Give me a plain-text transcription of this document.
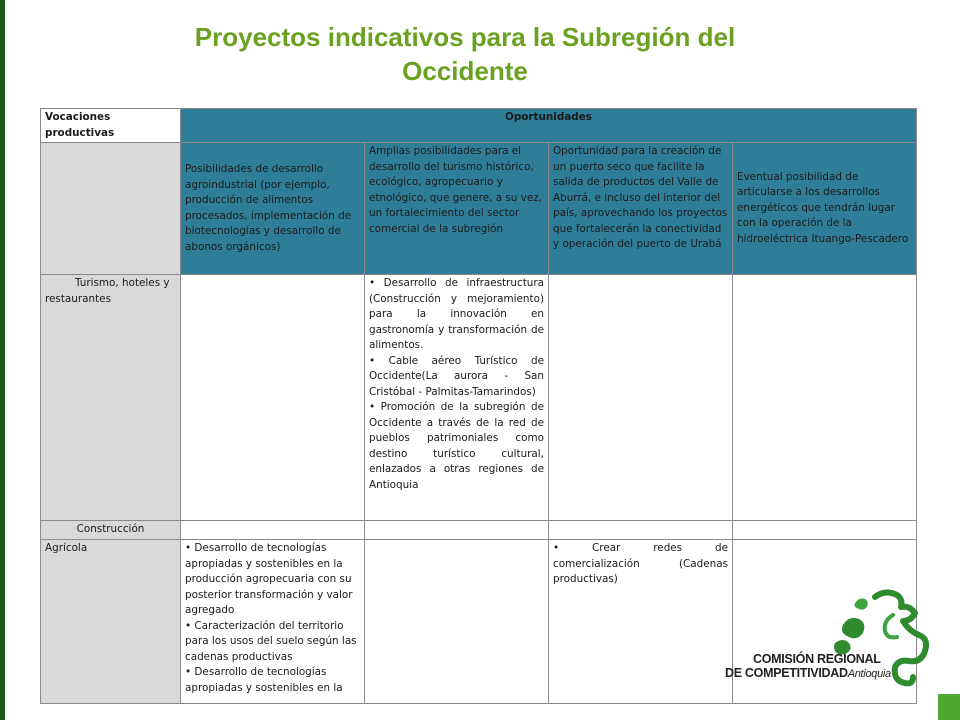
Proyectos indicativos para la Subregión del Occidente
Vocaciones productivas	Oportunidades			
	Posibilidades de desarrollo agroindustrial (por ejemplo, producción de alimentos procesados, implementación de biotecnologías y desarrollo de abonos orgánicos)	Amplias posibilidades para el desarrollo del turismo histórico, ecológico, agropecuario y etnológico, que genere, a su vez, un fortalecimiento del sector comercial de la subregión	Oportunidad para la creación de un puerto seco que facilite la salida de productos del Valle de Aburrá, e incluso del interior del país, aprovechando los proyectos que fortalecerán la conectividad y operación del puerto de Urabá	Eventual posibilidad de articularse a los desarrollos energéticos que tendrán lugar con la operación de la hidroeléctrica Ituango-Pescadero
Turismo, hoteles y restaurantes		• Desarrollo de infraestructura (Construcción y mejoramiento) para la innovación en gastronomía y transformación de alimentos.
• Cable aéreo Turístico de Occidente(La aurora - San Cristóbal - Palmitas-Tamarindos)
• Promoción de la subregión de Occidente a través de la red de pueblos patrimoniales como destino turístico cultural, enlazados a otras regiones de Antioquia		

Construcción				
Agrícola	• Desarrollo de tecnologías apropiadas y sostenibles en la producción agropecuaria con su posterior transformación y valor agregado
• Caracterización del territorio para los usos del suelo según las cadenas productivas
• Desarrollo de tecnologías apropiadas y sostenibles en la		• Crear redes de comercialización (Cadenas productivas)	

COMISIÓN REGIONAL
DE COMPETITIVIDADAntioquia
